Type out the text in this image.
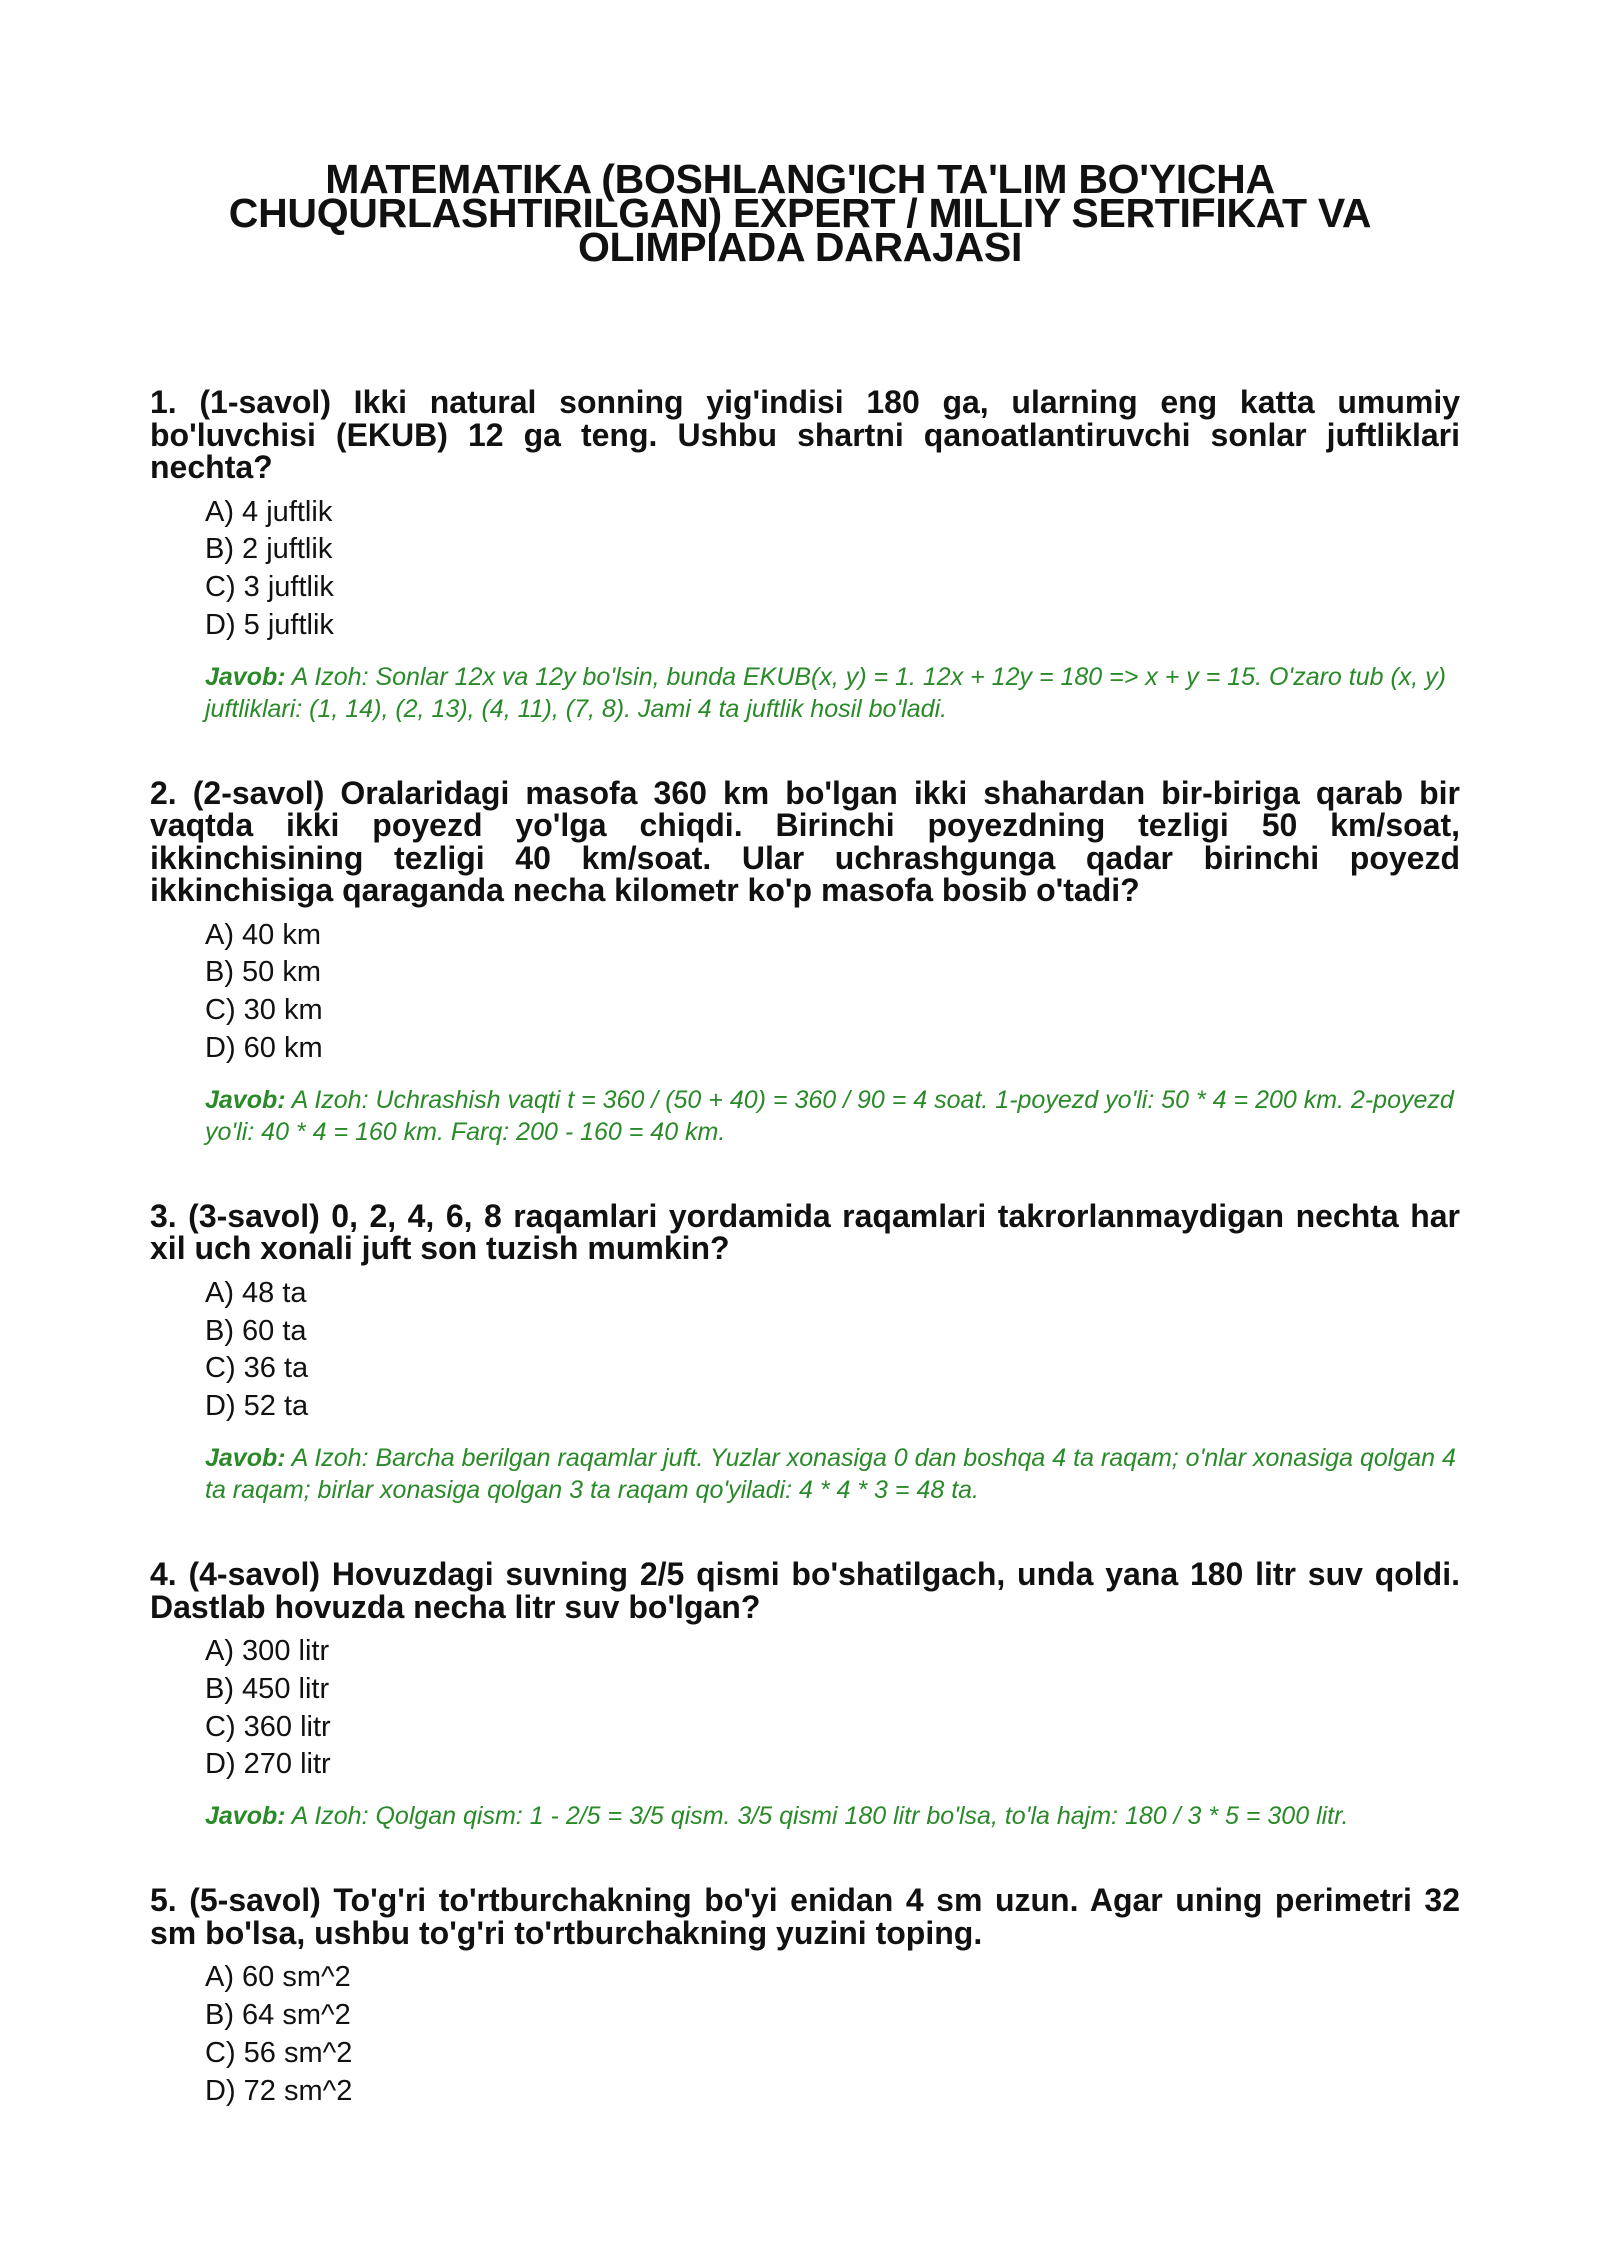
MATEMATIKA (BOSHLANG'ICH TA'LIM BO'YICHA CHUQURLASHTIRILGAN) EXPERT / MILLIY SERTIFIKAT VA OLIMPIADA DARAJASI

1. (1-savol) Ikki natural sonning yig'indisi 180 ga, ularning eng katta umumiy bo'luvchisi (EKUB) 12 ga teng. Ushbu shartni qanoatlantiruvchi sonlar juftliklari nechta?

A) 4 juftlik
B) 2 juftlik
C) 3 juftlik
D) 5 juftlik
Javob: A Izoh: Sonlar 12x va 12y bo'lsin, bunda EKUB(x, y) = 1. 12x + 12y = 180 => x + y = 15. O'zaro tub (x, y) juftliklari: (1, 14), (2, 13), (4, 11), (7, 8). Jami 4 ta juftlik hosil bo'ladi.

2. (2-savol) Oralaridagi masofa 360 km bo'lgan ikki shahardan bir-biriga qarab bir vaqtda ikki poyezd yo'lga chiqdi. Birinchi poyezdning tezligi 50 km/soat, ikkinchisining tezligi 40 km/soat. Ular uchrashgunga qadar birinchi poyezd ikkinchisiga qaraganda necha kilometr ko'p masofa bosib o'tadi?

A) 40 km
B) 50 km
C) 30 km
D) 60 km
Javob: A Izoh: Uchrashish vaqti t = 360 / (50 + 40) = 360 / 90 = 4 soat. 1-poyezd yo'li: 50 * 4 = 200 km. 2-poyezd yo'li: 40 * 4 = 160 km. Farq: 200 - 160 = 40 km.

3. (3-savol) 0, 2, 4, 6, 8 raqamlari yordamida raqamlari takrorlanmaydigan nechta har xil uch xonali juft son tuzish mumkin?

A) 48 ta
B) 60 ta
C) 36 ta
D) 52 ta
Javob: A Izoh: Barcha berilgan raqamlar juft. Yuzlar xonasiga 0 dan boshqa 4 ta raqam; o'nlar xonasiga qolgan 4 ta raqam; birlar xonasiga qolgan 3 ta raqam qo'yiladi: 4 * 4 * 3 = 48 ta.

4. (4-savol) Hovuzdagi suvning 2/5 qismi bo'shatilgach, unda yana 180 litr suv qoldi. Dastlab hovuzda necha litr suv bo'lgan?

A) 300 litr
B) 450 litr
C) 360 litr
D) 270 litr
Javob: A Izoh: Qolgan qism: 1 - 2/5 = 3/5 qism. 3/5 qismi 180 litr bo'lsa, to'la hajm: 180 / 3 * 5 = 300 litr.

5. (5-savol) To'g'ri to'rtburchakning bo'yi enidan 4 sm uzun. Agar uning perimetri 32 sm bo'lsa, ushbu to'g'ri to'rtburchakning yuzini toping.

A) 60 sm^2
B) 64 sm^2
C) 56 sm^2
D) 72 sm^2
